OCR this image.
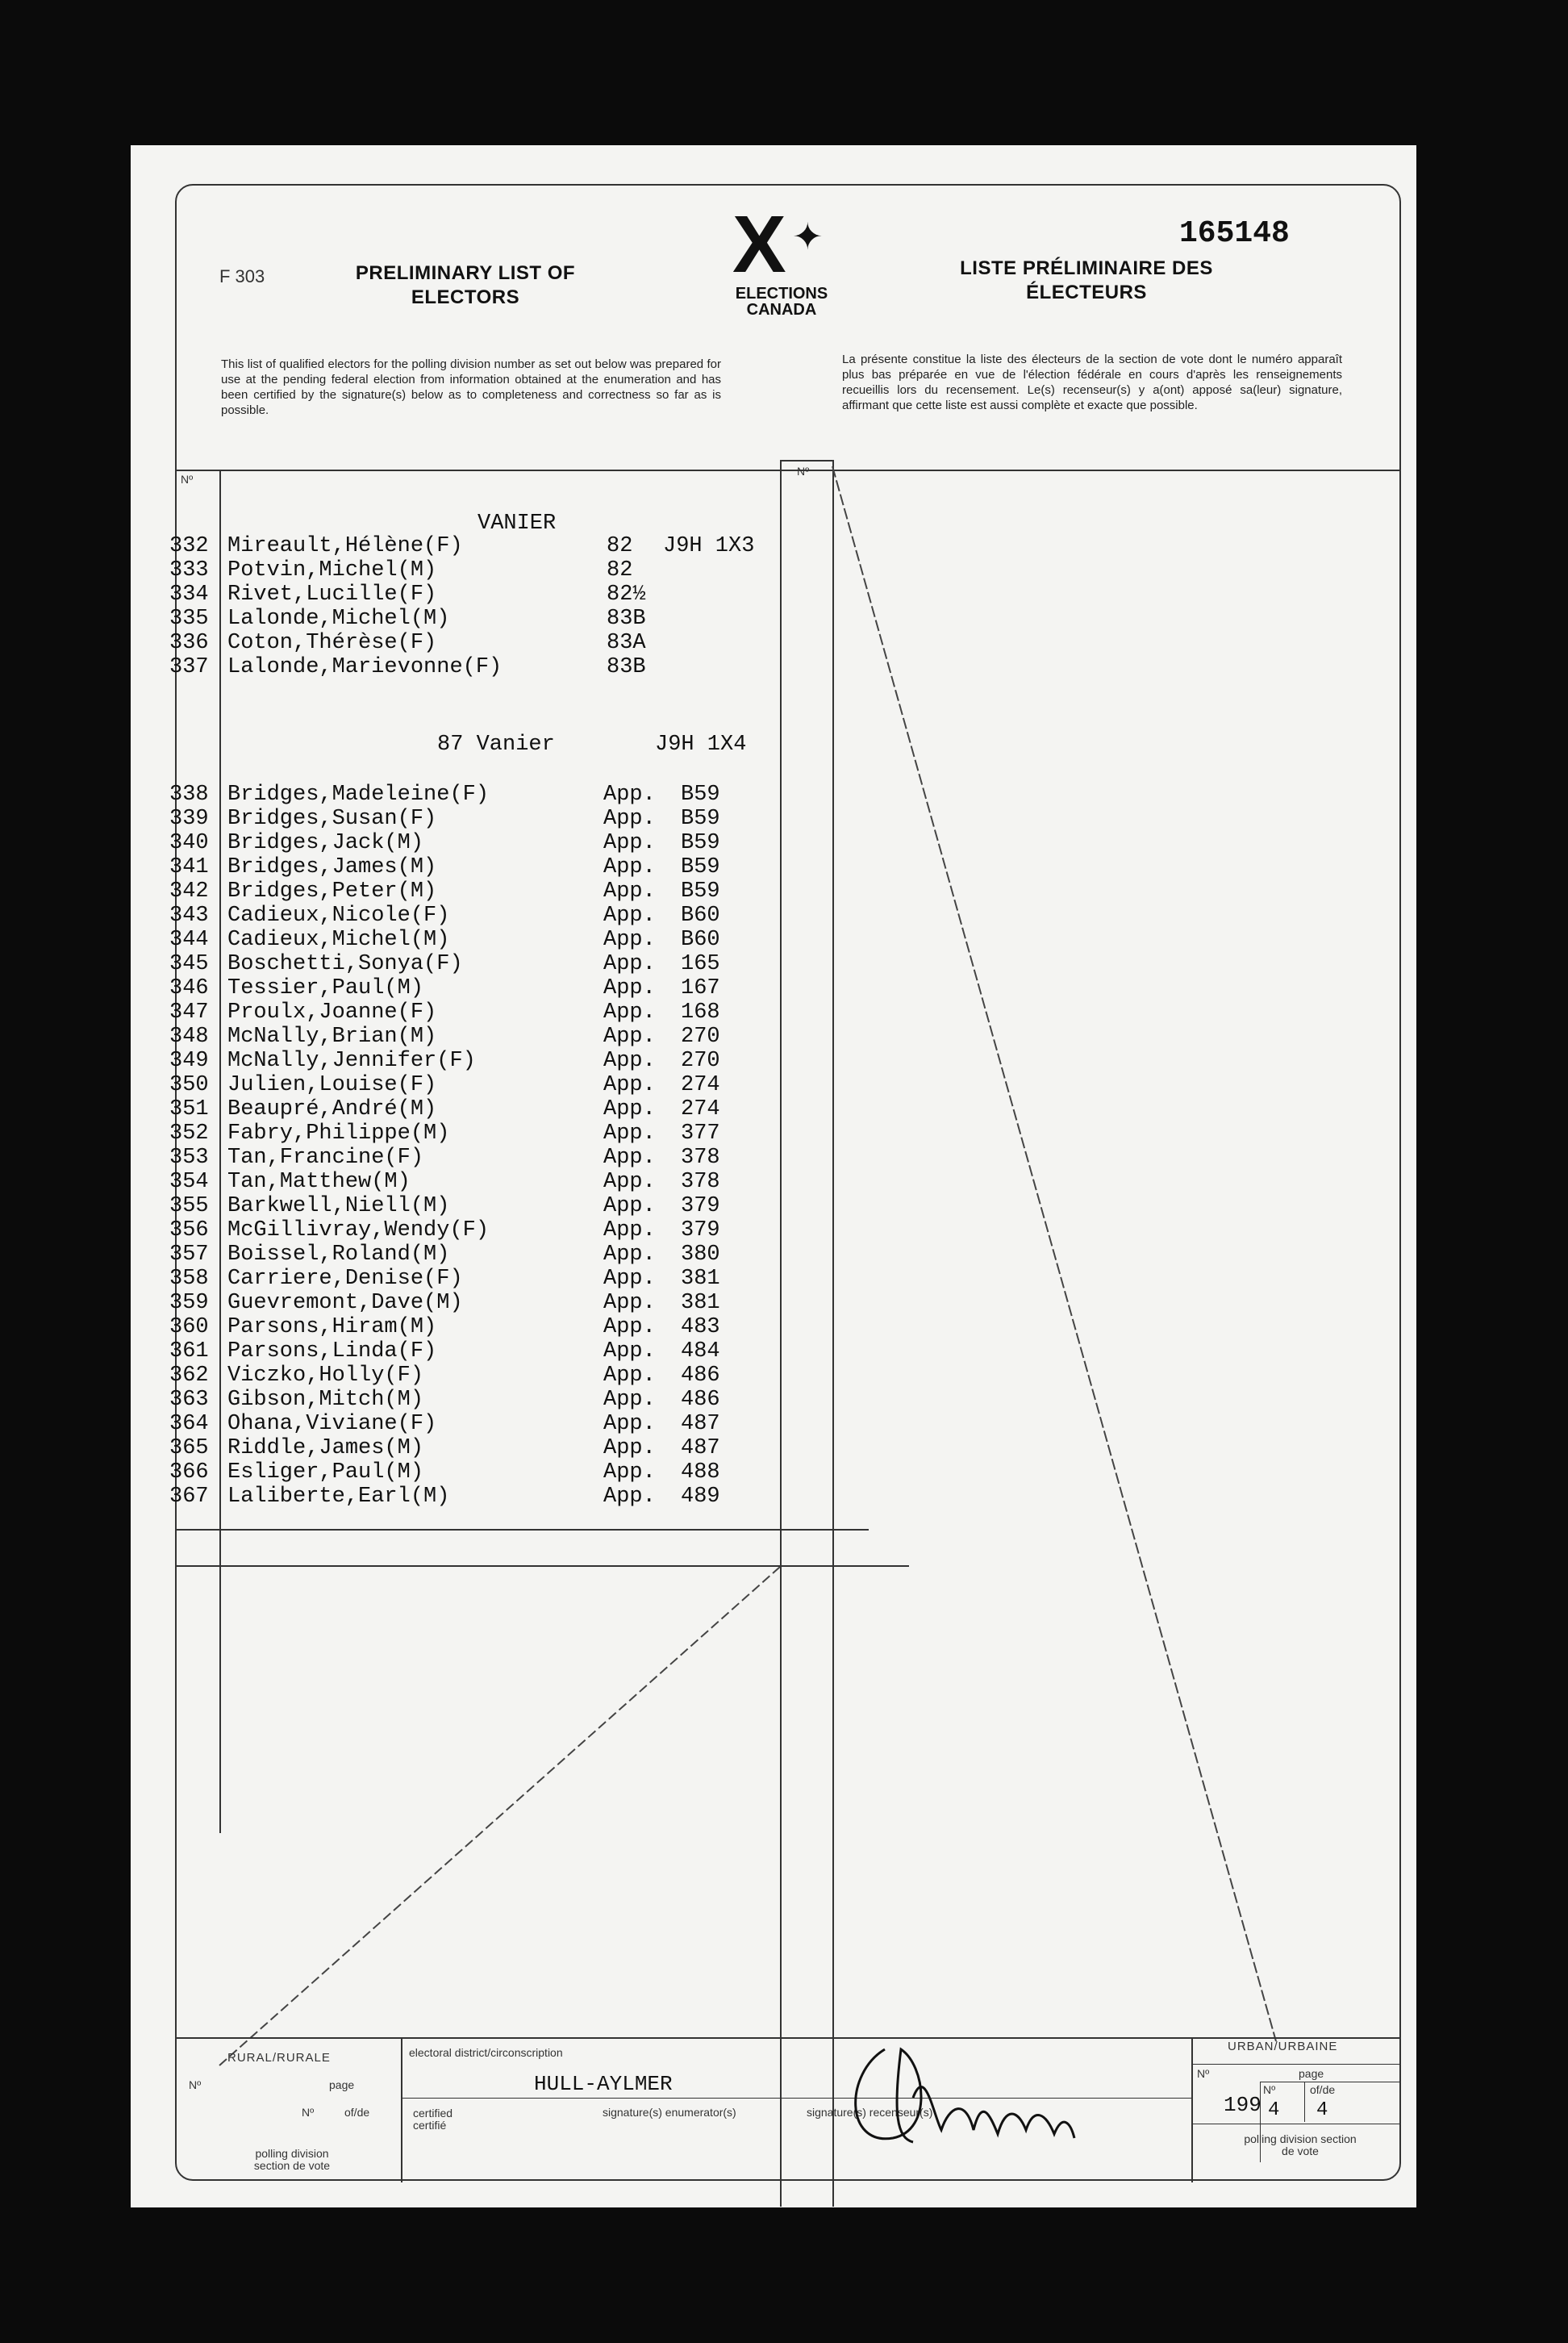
F 303	PRELIMINARY LIST OF ELECTORS
X ✦
ELECTIONS CANADA
165148
LISTE PRÉLIMINAIRE DES ÉLECTEURS
This list of qualified electors for the polling division number as set out below was prepared for use at the pending federal election from information obtained at the enumeration and has been certified by the signature(s) below as to completeness and correctness so far as is possible.
La présente constitue la liste des électeurs de la section de vote dont le numéro apparaît plus bas préparée en vue de l'élection fédérale en cours d'après les renseignements recueillis lors du recensement. Le(s) recenseur(s) y a(ont) apposé sa(leur) signature, affirmant que cette liste est aussi complète et exacte que possible.
Nº
Nº
VANIER
332 Mireault,Hélène(F)	82 J9H 1X3
333 Potvin,Michel(M)	82
334 Rivet,Lucille(F)	82½
335 Lalonde,Michel(M)	83B
336 Coton,Thérèse(F)	83A
337 Lalonde,Marievonne(F)	83B
87 Vanier	J9H 1X4
338 Bridges,Madeleine(F)	App. B59
339 Bridges,Susan(F)	App. B59
340 Bridges,Jack(M)	App. B59
341 Bridges,James(M)	App. B59
342 Bridges,Peter(M)	App. B59
343 Cadieux,Nicole(F)	App. B60
344 Cadieux,Michel(M)	App. B60
345 Boschetti,Sonya(F)	App. 165
346 Tessier,Paul(M)	App. 167
347 Proulx,Joanne(F)	App. 168
348 McNally,Brian(M)	App. 270
349 McNally,Jennifer(F)	App. 270
350 Julien,Louise(F)	App. 274
351 Beaupré,André(M)	App. 274
352 Fabry,Philippe(M)	App. 377
353 Tan,Francine(F)	App. 378
354 Tan,Matthew(M)	App. 378
355 Barkwell,Niell(M)	App. 379
356 McGillivray,Wendy(F)	App. 379
357 Boissel,Roland(M)	App. 380
358 Carriere,Denise(F)	App. 381
359 Guevremont,Dave(M)	App. 381
360 Parsons,Hiram(M)	App. 483
361 Parsons,Linda(F)	App. 484
362 Viczko,Holly(F)	App. 486
363 Gibson,Mitch(M)	App. 486
364 Ohana,Viviane(F)	App. 487
365 Riddle,James(M)	App. 487
366 Esliger,Paul(M)	App. 488
367 Laliberte,Earl(M)	App. 489
RURAL/RURALE
Nº	page
Nº	of/de
polling division section de vote
electoral district/circonscription
HULL-AYLMER
certified certifié
signature(s) enumerator(s)	signature(s) recenseur(s)
URBAN/URBAINE
Nº	page
199
Nº
4
of/de
4
polling division section de vote
